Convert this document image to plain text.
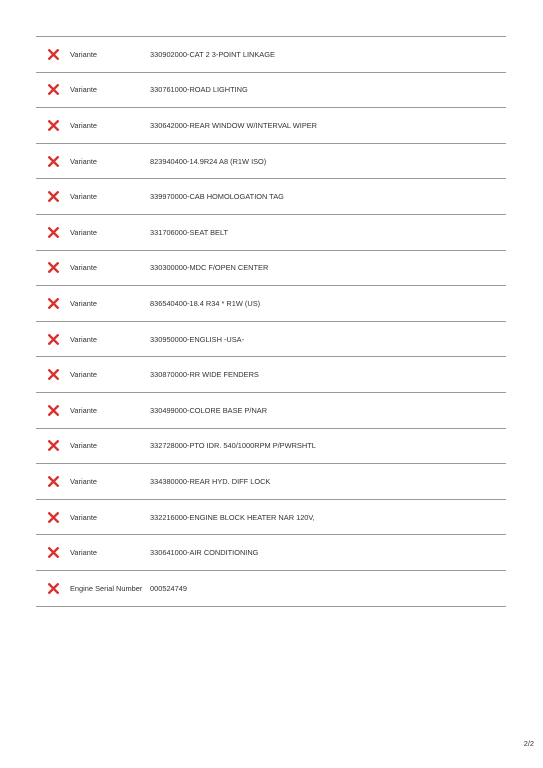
Variante	330902000-CAT 2 3-POINT LINKAGE
Variante	330761000-ROAD LIGHTING
Variante	330642000-REAR WINDOW W/INTERVAL WIPER
Variante	823940400-14.9R24 A8 (R1W ISO)
Variante	339970000-CAB HOMOLOGATION TAG
Variante	331706000-SEAT BELT
Variante	330300000-MDC F/OPEN CENTER
Variante	836540400-18.4 R34 * R1W (US)
Variante	330950000-ENGLISH -USA-
Variante	330870000-RR WIDE FENDERS
Variante	330499000-COLORE BASE P/NAR
Variante	332728000-PTO IDR. 540/1000RPM P/PWRSHTL
Variante	334380000-REAR HYD. DIFF LOCK
Variante	332216000-ENGINE BLOCK HEATER NAR 120V,
Variante	330641000-AIR CONDITIONING
Engine Serial Number	000524749
2/2
